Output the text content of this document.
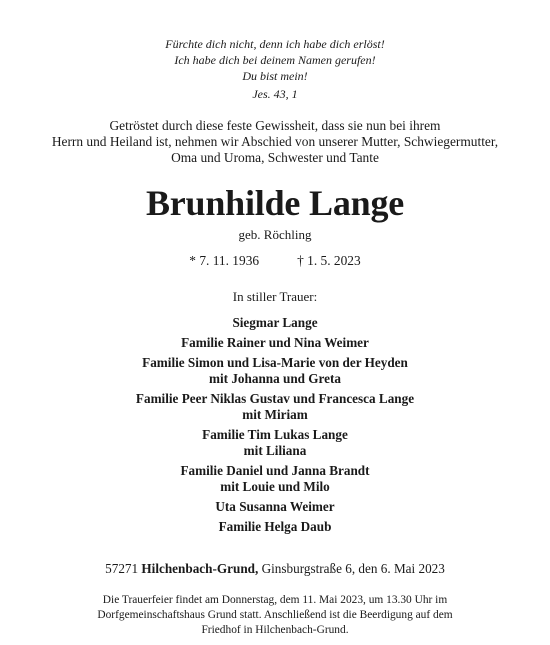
Fürchte dich nicht, denn ich habe dich erlöst!
Ich habe dich bei deinem Namen gerufen!
Du bist mein!
Jes. 43, 1
Getröstet durch diese feste Gewissheit, dass sie nun bei ihrem
Herrn und Heiland ist, nehmen wir Abschied von unserer Mutter, Schwiegermutter,
Oma und Uroma, Schwester und Tante
Brunhilde Lange
geb. Röchling
* 7. 11. 1936	† 1. 5. 2023
In stiller Trauer:
Siegmar Lange
Familie Rainer und Nina Weimer
Familie Simon und Lisa-Marie von der Heyden
mit Johanna und Greta
Familie Peer Niklas Gustav und Francesca Lange
mit Miriam
Familie Tim Lukas Lange
mit Liliana
Familie Daniel und Janna Brandt
mit Louie und Milo
Uta Susanna Weimer
Familie Helga Daub
57271 Hilchenbach-Grund, Ginsburgstraße 6, den 6. Mai 2023
Die Trauerfeier findet am Donnerstag, dem 11. Mai 2023, um 13.30 Uhr im
Dorfgemeinschaftshaus Grund statt. Anschließend ist die Beerdigung auf dem
Friedhof in Hilchenbach-Grund.
